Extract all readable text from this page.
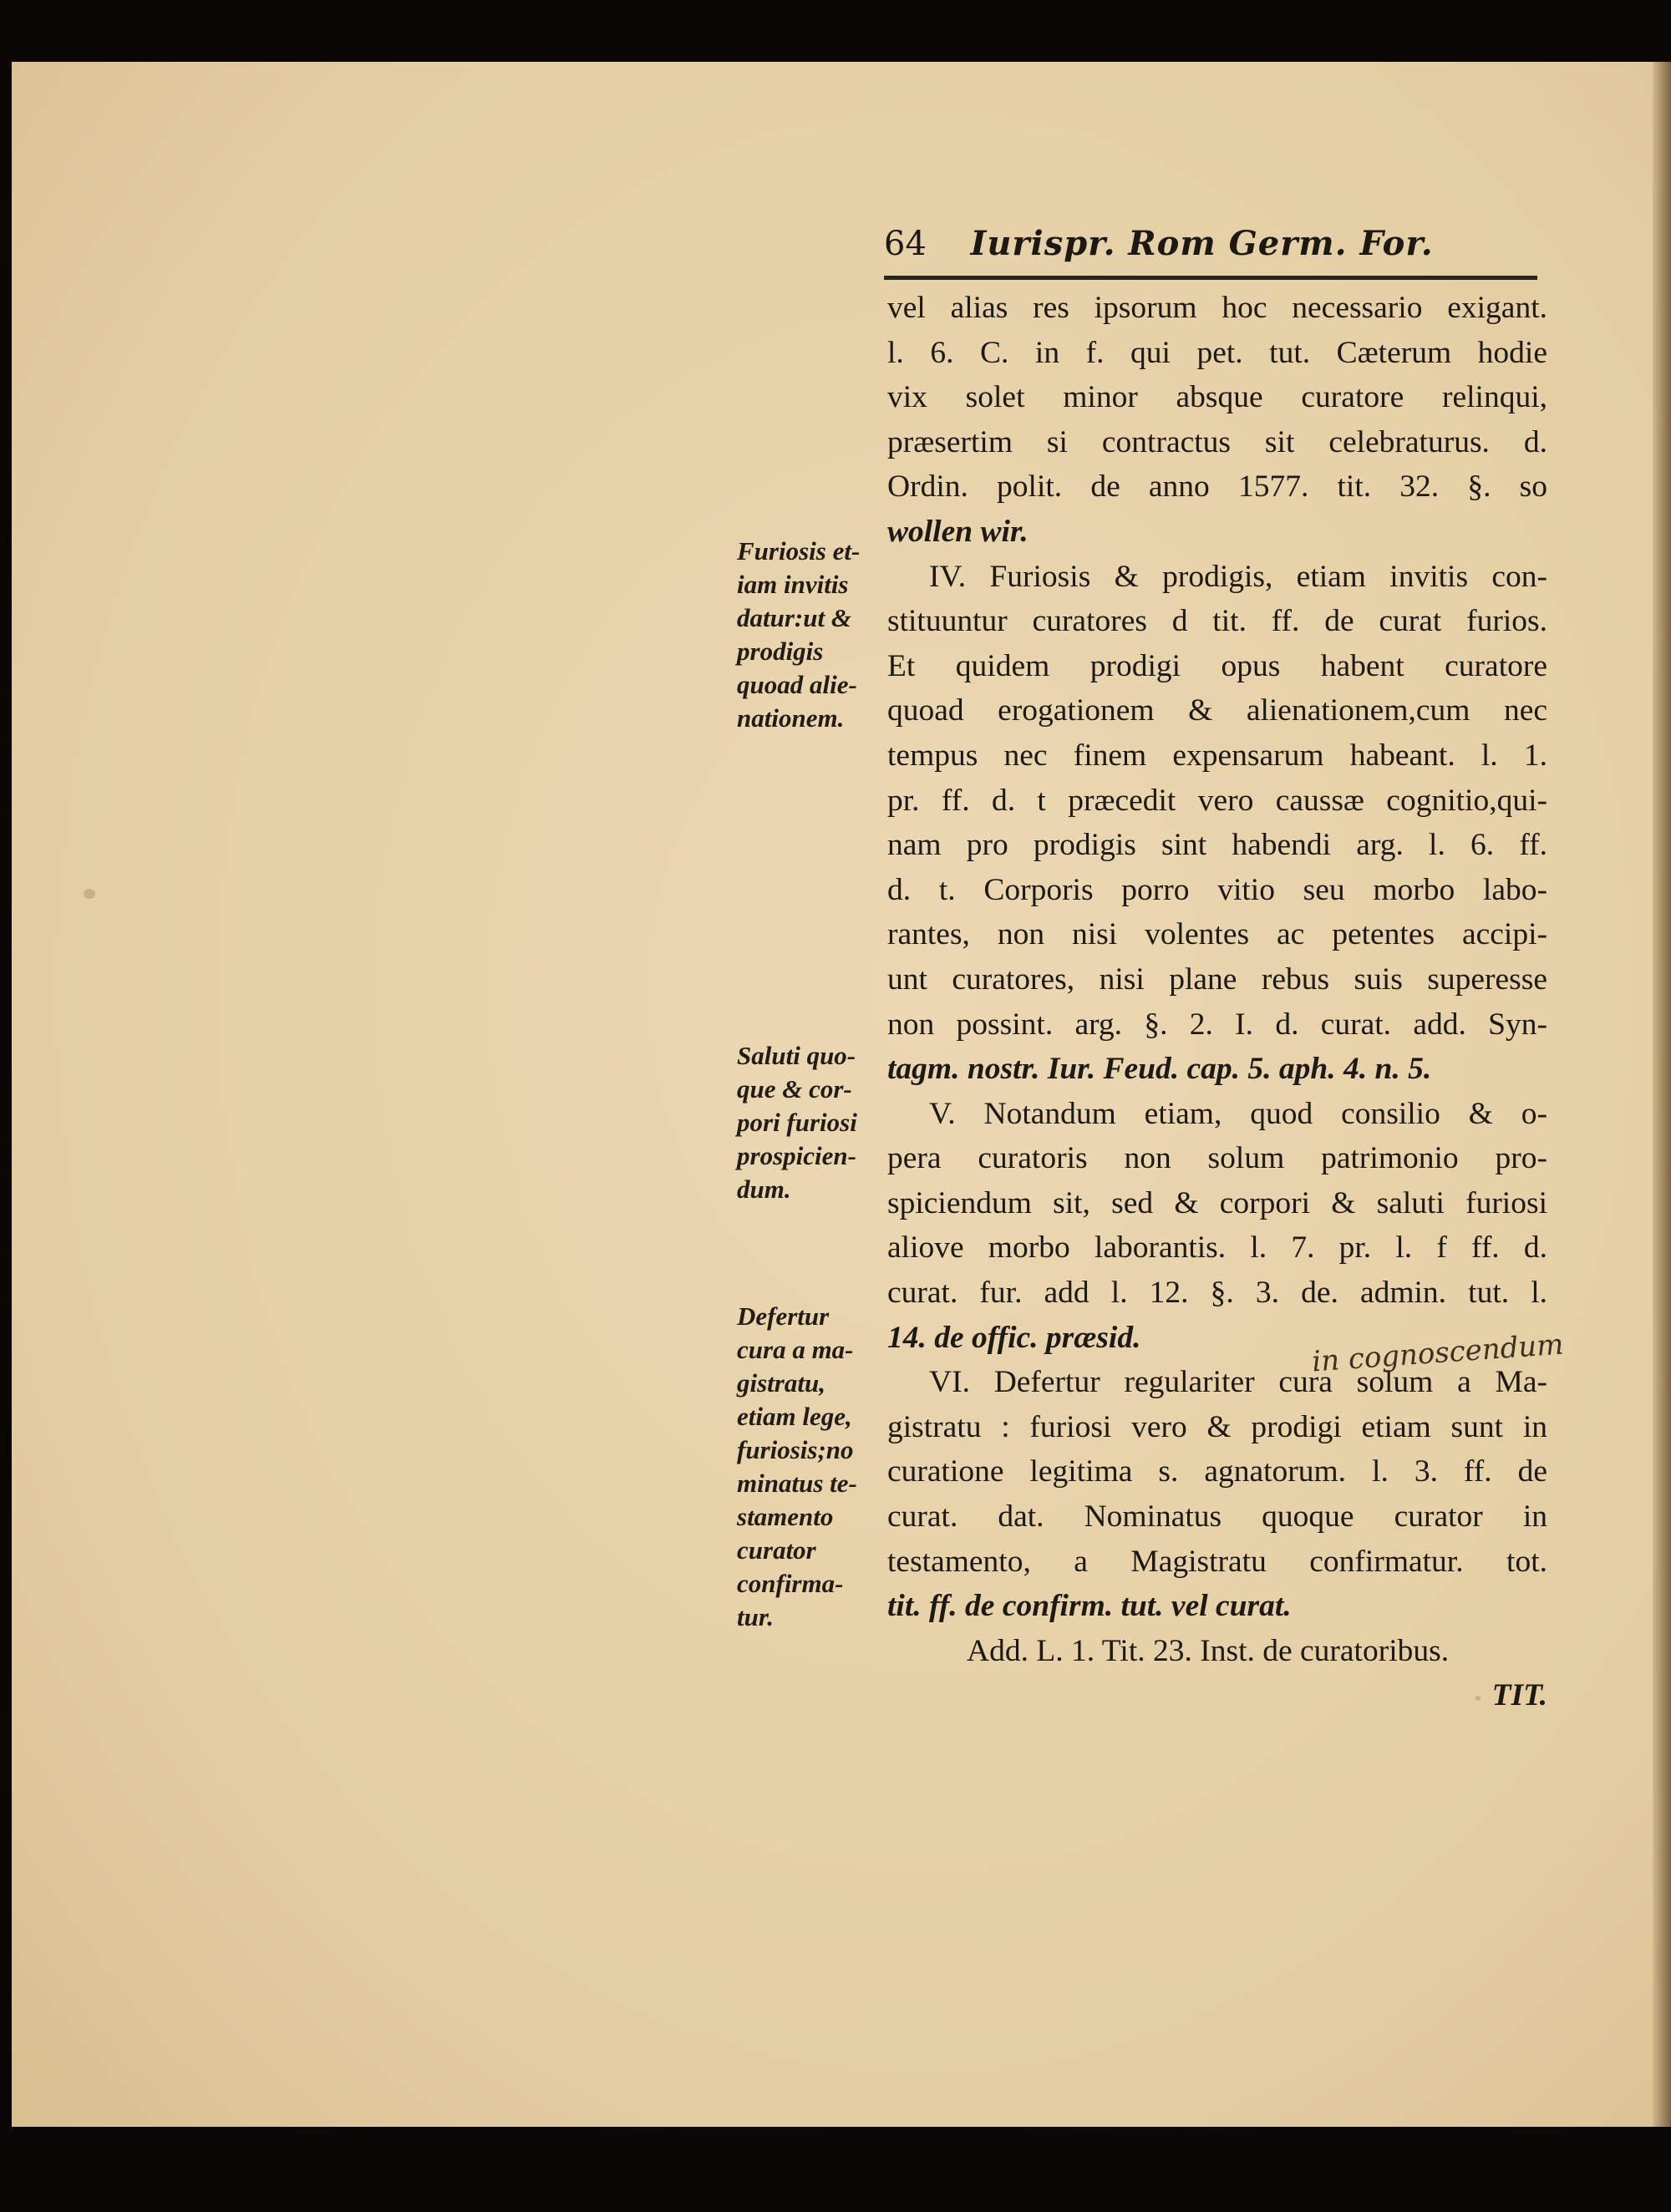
64 Iurispr. Rom Germ. For.
Furiosis et-
iam invitis
datur:ut &
prodigis
quoad alie-
nationem.
Saluti quo-
que & cor-
pori furiosi
prospicien-
dum.
Defertur
cura a ma-
gistratu,
etiam lege,
furiosis;no
minatus te-
stamento
curator
confirma-
tur.
vel alias res ipsorum hoc necessario exigant.
l. 6. C. in f. qui pet. tut. Cæterum hodie
vix solet minor absque curatore relinqui,
præsertim si contractus sit celebraturus. d.
Ordin. polit. de anno 1577. tit. 32. §. so
wollen wir.
IV. Furiosis & prodigis, etiam invitis con-
stituuntur curatores d tit. ff. de curat furios.
Et quidem prodigi opus habent curatore
quoad erogationem & alienationem,cum nec
tempus nec finem expensarum habeant. l. 1.
pr. ff. d. t præcedit vero caussæ cognitio,qui-
nam pro prodigis sint habendi arg. l. 6. ff.
d. t. Corporis porro vitio seu morbo labo-
rantes, non nisi volentes ac petentes accipi-
unt curatores, nisi plane rebus suis superesse
non possint. arg. §. 2. I. d. curat. add. Syn-
tagm. nostr. Iur. Feud. cap. 5. aph. 4. n. 5.
V. Notandum etiam, quod consilio & o-
pera curatoris non solum patrimonio pro-
spiciendum sit, sed & corpori & saluti furiosi
aliove morbo laborantis. l. 7. pr. l. f ff. d.
curat. fur. add l. 12. §. 3. de. admin. tut. l.
14. de offic. præsid.
VI. Defertur regulariter cura solum a Ma-
gistratu : furiosi vero & prodigi etiam sunt in
curatione legitima s. agnatorum. l. 3. ff. de
curat. dat. Nominatus quoque curator in
testamento, a Magistratu confirmatur. tot.
tit. ff. de confirm. tut. vel curat.
Add. L. 1. Tit. 23. Inst. de curatoribus.
TIT.
in cognoscendum
